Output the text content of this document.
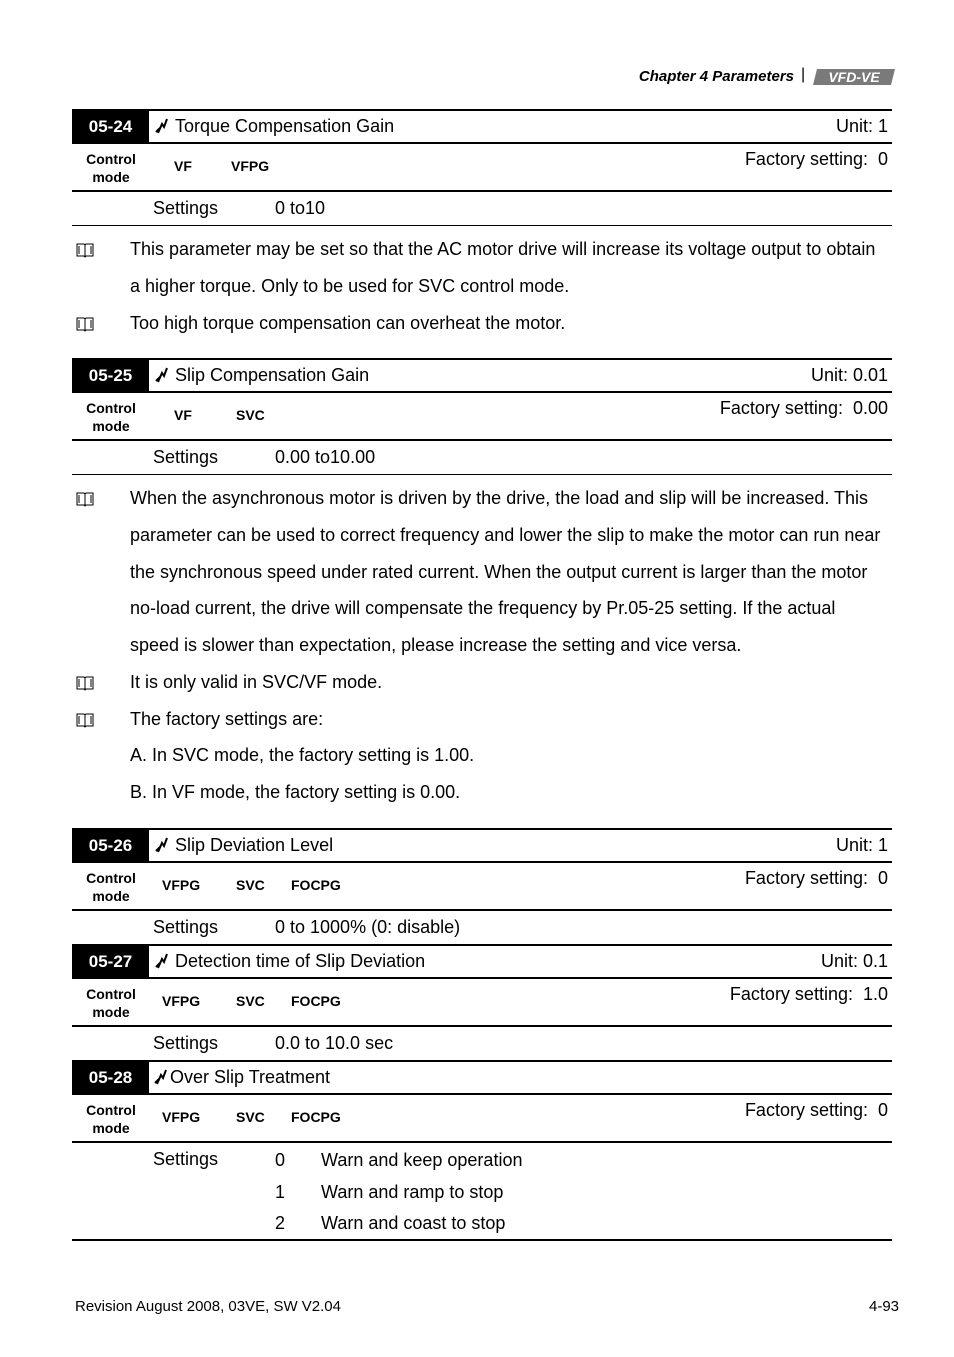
Chapter 4 Parameters | VFD-VE
05-24	Torque Compensation Gain	Unit: 1
Control
mode
VF	VFPG	Factory setting:  0
Settings	0 to10
This parameter may be set so that the AC motor drive will increase its voltage output to obtain
a higher torque. Only to be used for SVC control mode.
Too high torque compensation can overheat the motor.
05-25	Slip Compensation Gain	Unit: 0.01
Control
mode
VF	SVC	Factory setting:  0.00
Settings	0.00 to10.00
When the asynchronous motor is driven by the drive, the load and slip will be increased. This
parameter can be used to correct frequency and lower the slip to make the motor can run near
the synchronous speed under rated current. When the output current is larger than the motor
no-load current, the drive will compensate the frequency by Pr.05-25 setting. If the actual
speed is slower than expectation, please increase the setting and vice versa.
It is only valid in SVC/VF mode.
The factory settings are:
A. In SVC mode, the factory setting is 1.00.
B. In VF mode, the factory setting is 0.00.
05-26	Slip Deviation Level	Unit: 1
Control
mode
VFPG	SVC FOCPG	Factory setting:  0
Settings	0 to 1000% (0: disable)
05-27	Detection time of Slip Deviation	Unit: 0.1
Control
mode
VFPG	SVC FOCPG	Factory setting:  1.0
Settings	0.0 to 10.0 sec
05-28	Over Slip Treatment
Control
mode
VFPG	SVC FOCPG	Factory setting:  0
Settings	0 Warn and keep operation
1 Warn and ramp to stop
2 Warn and coast to stop
Revision August 2008, 03VE, SW V2.04	4-93
